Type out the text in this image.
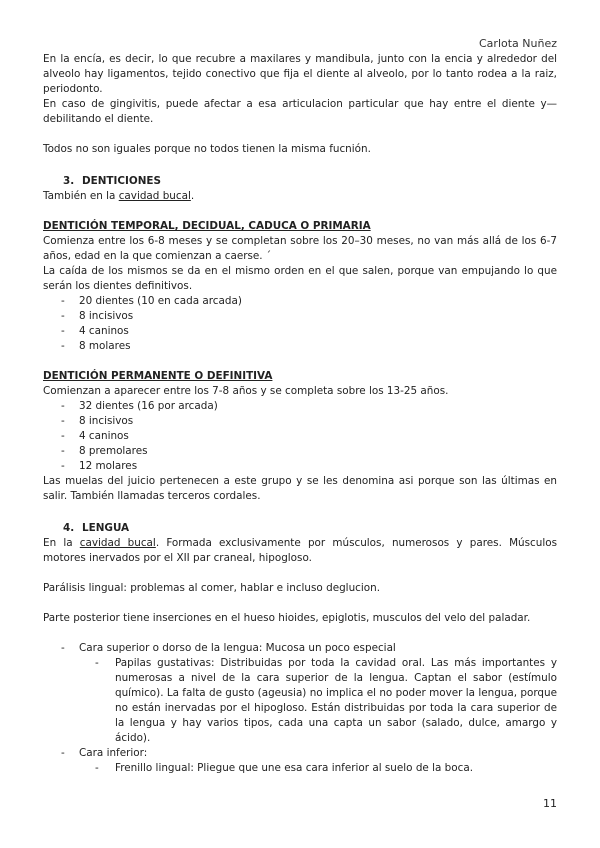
Carlota Nuñez

En la encía, es decir, lo que recubre a maxilares y mandibula, junto con la encia y alrededor del alveolo hay ligamentos, tejido conectivo que fija el diente al alveolo, por lo tanto rodea a la raiz, periodonto.

En caso de gingivitis, puede afectar a esa articulacion particular que hay entre el diente y— debilitando el diente.

Todos no son iguales porque no todos tienen la misma fucnión.

3. DENTICIONES

También en la cavidad bucal.

DENTICIÓN TEMPORAL, DECIDUAL, CADUCA O PRIMARIA

Comienza entre los 6-8 meses y se completan sobre los 20–30 meses, no van más allá de los 6-7 años, edad en la que comienzan a caerse. ´

La caída de los mismos se da en el mismo orden en el que salen, porque van empujando lo que serán los dientes definitivos.

- 20 dientes (10 en cada arcada)
- 8 incisivos
- 4 caninos
- 8 molares
DENTICIÓN PERMANENTE O DEFINITIVA

Comienzan a aparecer entre los 7-8 años y se completa sobre los 13-25 años.

- 32 dientes (16 por arcada)
- 8 incisivos
- 4 caninos
- 8 premolares
- 12 molares

Las muelas del juicio pertenecen a este grupo y se les denomina asi porque son las últimas en salir. También llamadas terceros cordales.

4. LENGUA

En la cavidad bucal. Formada exclusivamente por músculos, numerosos y pares. Músculos motores inervados por el XII par craneal, hipogloso.

Parálisis lingual: problemas al comer, hablar e incluso deglucion.

Parte posterior tiene inserciones en el hueso hioides, epiglotis, musculos del velo del paladar.

- Cara superior o dorso de la lengua: Mucosa un poco especial
- Papilas gustativas: Distribuidas por toda la cavidad oral. Las más importantes y numerosas a nivel de la cara superior de la lengua. Captan el sabor (estímulo químico). La falta de gusto (ageusia) no implica el no poder mover la lengua, porque no están inervadas por el hipogloso. Están distribuidas por toda la cara superior de la lengua y hay varios tipos, cada una capta un sabor (salado, dulce, amargo y ácido).
- Cara inferior:
- Frenillo lingual: Pliegue que une esa cara inferior al suelo de la boca.
11
